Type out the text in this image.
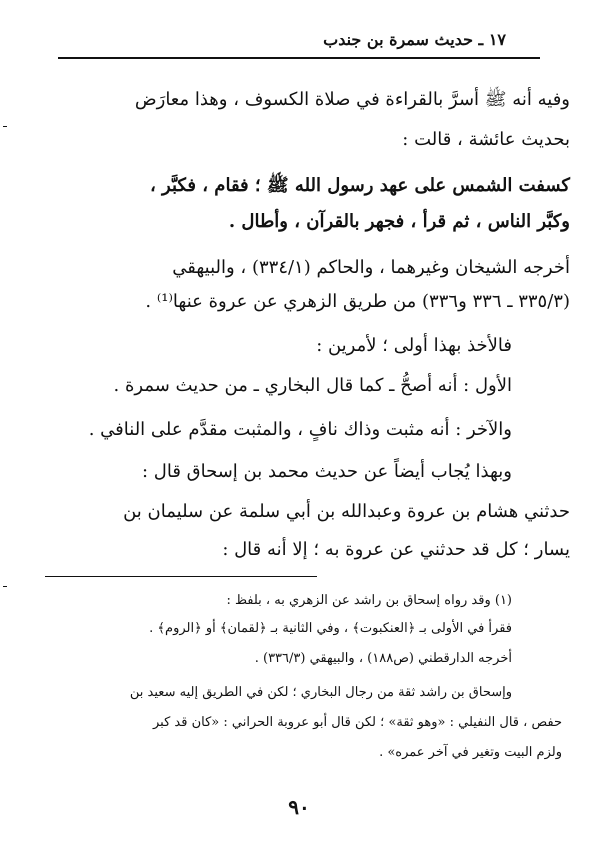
١٧ ـ حديث سمرة بن جندب
وفيه أنه ﷺ أسرَّ بالقراءة في صلاة الكسوف ، وهذا معارَض
بحديث عائشة ، قالت :
كسفت الشمس على عهد رسول الله ﷺ ؛ فقام ، فكبَّر ،
وكبَّر الناس ، ثم قرأ ، فجهر بالقرآن ، وأطال .
أخرجه الشيخان وغيرهما ، والحاكم (٣٣٤/١) ، والبيهقي
(٣٣٥/٣ ـ ٣٣٦ و٣٣٦) من طريق الزهري عن عروة عنها⁽¹⁾ .
فالأخذ بهذا أولى ؛ لأمرين :
الأول : أنه أصحُّ ـ كما قال البخاري ـ من حديث سمرة .
والآخر : أنه مثبت وذاك نافٍ ، والمثبت مقدَّم على النافي .
وبهذا يُجاب أيضاً عن حديث محمد بن إسحاق قال :
حدثني هشام بن عروة وعبدالله بن أبي سلمة عن سليمان بن
يسار ؛ كل قد حدثني عن عروة به ؛ إلا أنه قال :
(١) وقد رواه إسحاق بن راشد عن الزهري به ، بلفظ :
فقرأ في الأولى بـ ﴿العنكبوت﴾ ، وفي الثانية بـ ﴿لقمان﴾ أو ﴿الروم﴾ .
أخرجه الدارقطني (ص١٨٨) ، والبيهقي (٣٣٦/٣) .
وإسحاق بن راشد ثقة من رجال البخاري ؛ لكن في الطريق إليه سعيد بن
حفص ، قال النفيلي : «وهو ثقة» ؛ لكن قال أبو عروبة الحراني : «كان قد كبر
ولزم البيت وتغير في آخر عمره» .
٩٠
